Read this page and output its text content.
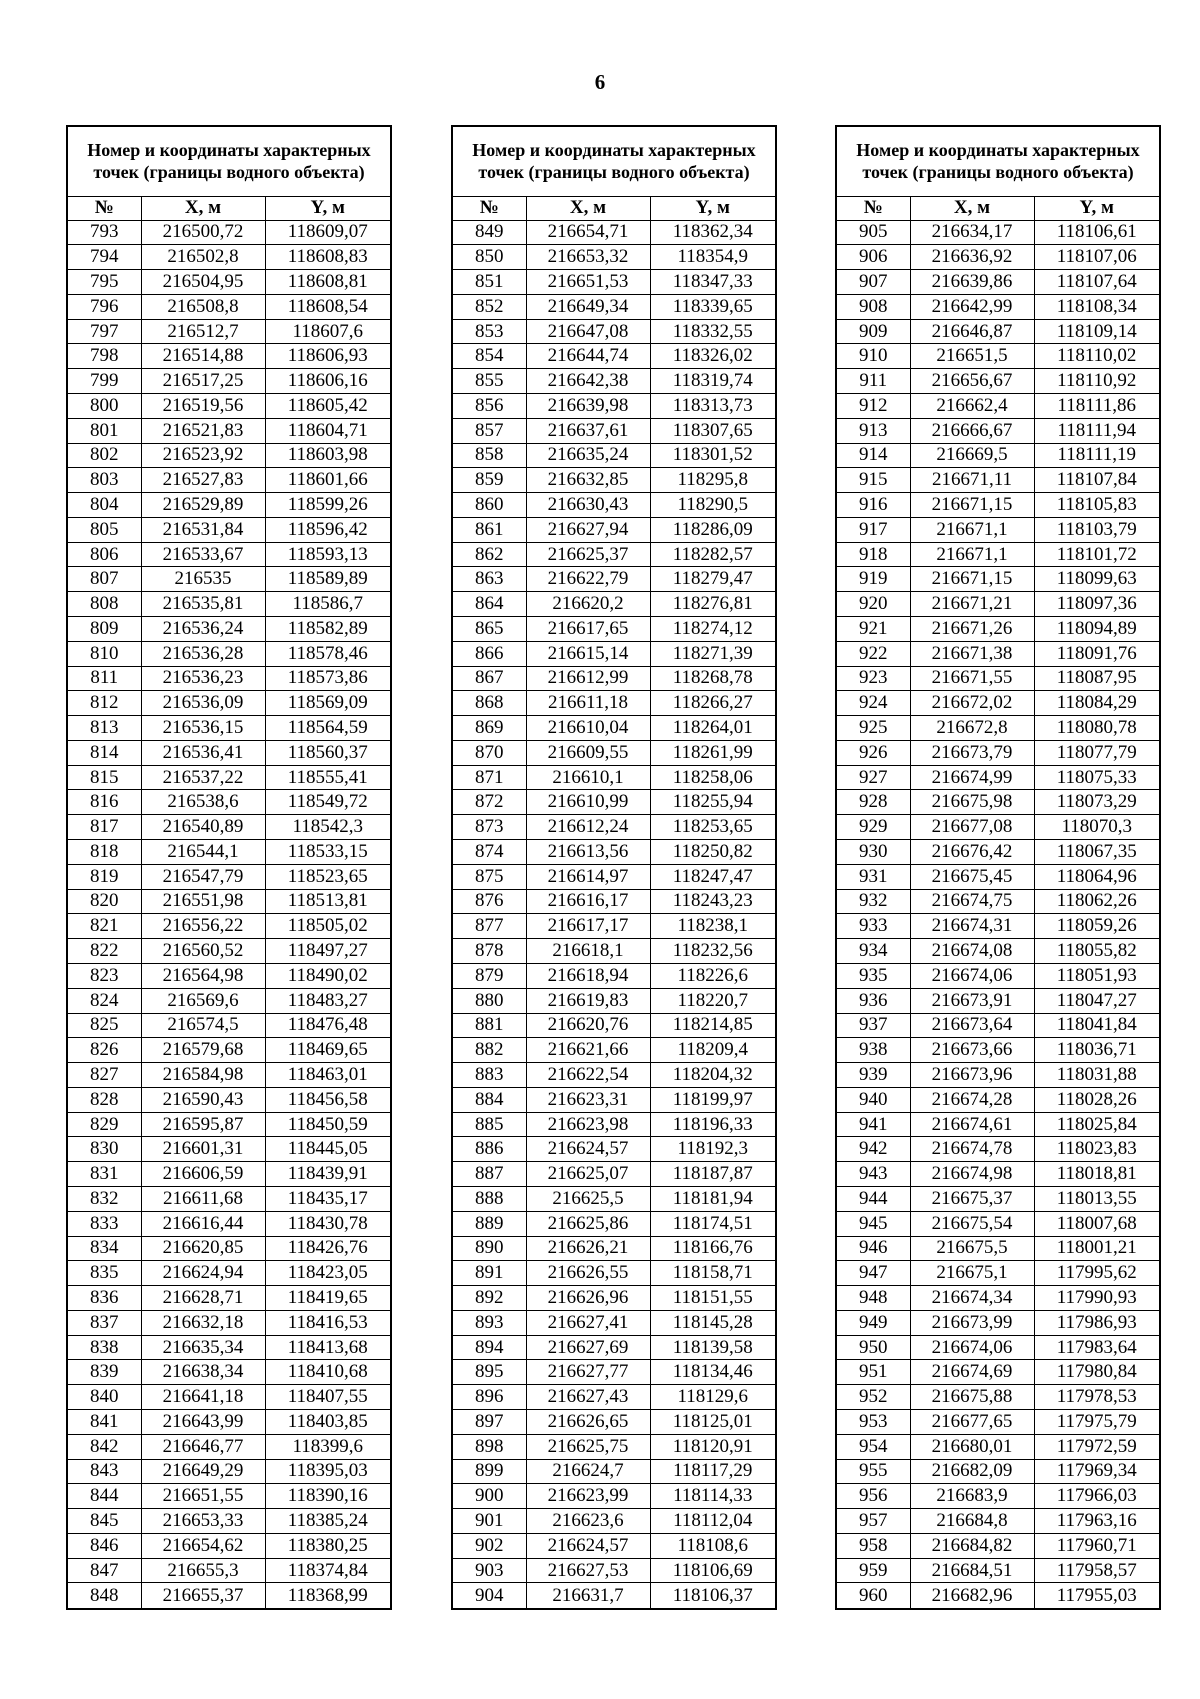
6
Номер и координаты характерных точек (границы водного объекта)		
№	X, м	Y, м
793	216500,72	118609,07
794	216502,8	118608,83
795	216504,95	118608,81
796	216508,8	118608,54
797	216512,7	118607,6
798	216514,88	118606,93
799	216517,25	118606,16
800	216519,56	118605,42
801	216521,83	118604,71
802	216523,92	118603,98
803	216527,83	118601,66
804	216529,89	118599,26
805	216531,84	118596,42
806	216533,67	118593,13
807	216535	118589,89
808	216535,81	118586,7
809	216536,24	118582,89
810	216536,28	118578,46
811	216536,23	118573,86
812	216536,09	118569,09
813	216536,15	118564,59
814	216536,41	118560,37
815	216537,22	118555,41
816	216538,6	118549,72
817	216540,89	118542,3
818	216544,1	118533,15
819	216547,79	118523,65
820	216551,98	118513,81
821	216556,22	118505,02
822	216560,52	118497,27
823	216564,98	118490,02
824	216569,6	118483,27
825	216574,5	118476,48
826	216579,68	118469,65
827	216584,98	118463,01
828	216590,43	118456,58
829	216595,87	118450,59
830	216601,31	118445,05
831	216606,59	118439,91
832	216611,68	118435,17
833	216616,44	118430,78
834	216620,85	118426,76
835	216624,94	118423,05
836	216628,71	118419,65
837	216632,18	118416,53
838	216635,34	118413,68
839	216638,34	118410,68
840	216641,18	118407,55
841	216643,99	118403,85
842	216646,77	118399,6
843	216649,29	118395,03
844	216651,55	118390,16
845	216653,33	118385,24
846	216654,62	118380,25
847	216655,3	118374,84
848	216655,37	118368,99
Номер и координаты характерных точек (границы водного объекта)		
№	X, м	Y, м
849	216654,71	118362,34
850	216653,32	118354,9
851	216651,53	118347,33
852	216649,34	118339,65
853	216647,08	118332,55
854	216644,74	118326,02
855	216642,38	118319,74
856	216639,98	118313,73
857	216637,61	118307,65
858	216635,24	118301,52
859	216632,85	118295,8
860	216630,43	118290,5
861	216627,94	118286,09
862	216625,37	118282,57
863	216622,79	118279,47
864	216620,2	118276,81
865	216617,65	118274,12
866	216615,14	118271,39
867	216612,99	118268,78
868	216611,18	118266,27
869	216610,04	118264,01
870	216609,55	118261,99
871	216610,1	118258,06
872	216610,99	118255,94
873	216612,24	118253,65
874	216613,56	118250,82
875	216614,97	118247,47
876	216616,17	118243,23
877	216617,17	118238,1
878	216618,1	118232,56
879	216618,94	118226,6
880	216619,83	118220,7
881	216620,76	118214,85
882	216621,66	118209,4
883	216622,54	118204,32
884	216623,31	118199,97
885	216623,98	118196,33
886	216624,57	118192,3
887	216625,07	118187,87
888	216625,5	118181,94
889	216625,86	118174,51
890	216626,21	118166,76
891	216626,55	118158,71
892	216626,96	118151,55
893	216627,41	118145,28
894	216627,69	118139,58
895	216627,77	118134,46
896	216627,43	118129,6
897	216626,65	118125,01
898	216625,75	118120,91
899	216624,7	118117,29
900	216623,99	118114,33
901	216623,6	118112,04
902	216624,57	118108,6
903	216627,53	118106,69
904	216631,7	118106,37
Номер и координаты характерных точек (границы водного объекта)		
№	X, м	Y, м
905	216634,17	118106,61
906	216636,92	118107,06
907	216639,86	118107,64
908	216642,99	118108,34
909	216646,87	118109,14
910	216651,5	118110,02
911	216656,67	118110,92
912	216662,4	118111,86
913	216666,67	118111,94
914	216669,5	118111,19
915	216671,11	118107,84
916	216671,15	118105,83
917	216671,1	118103,79
918	216671,1	118101,72
919	216671,15	118099,63
920	216671,21	118097,36
921	216671,26	118094,89
922	216671,38	118091,76
923	216671,55	118087,95
924	216672,02	118084,29
925	216672,8	118080,78
926	216673,79	118077,79
927	216674,99	118075,33
928	216675,98	118073,29
929	216677,08	118070,3
930	216676,42	118067,35
931	216675,45	118064,96
932	216674,75	118062,26
933	216674,31	118059,26
934	216674,08	118055,82
935	216674,06	118051,93
936	216673,91	118047,27
937	216673,64	118041,84
938	216673,66	118036,71
939	216673,96	118031,88
940	216674,28	118028,26
941	216674,61	118025,84
942	216674,78	118023,83
943	216674,98	118018,81
944	216675,37	118013,55
945	216675,54	118007,68
946	216675,5	118001,21
947	216675,1	117995,62
948	216674,34	117990,93
949	216673,99	117986,93
950	216674,06	117983,64
951	216674,69	117980,84
952	216675,88	117978,53
953	216677,65	117975,79
954	216680,01	117972,59
955	216682,09	117969,34
956	216683,9	117966,03
957	216684,8	117963,16
958	216684,82	117960,71
959	216684,51	117958,57
960	216682,96	117955,03
